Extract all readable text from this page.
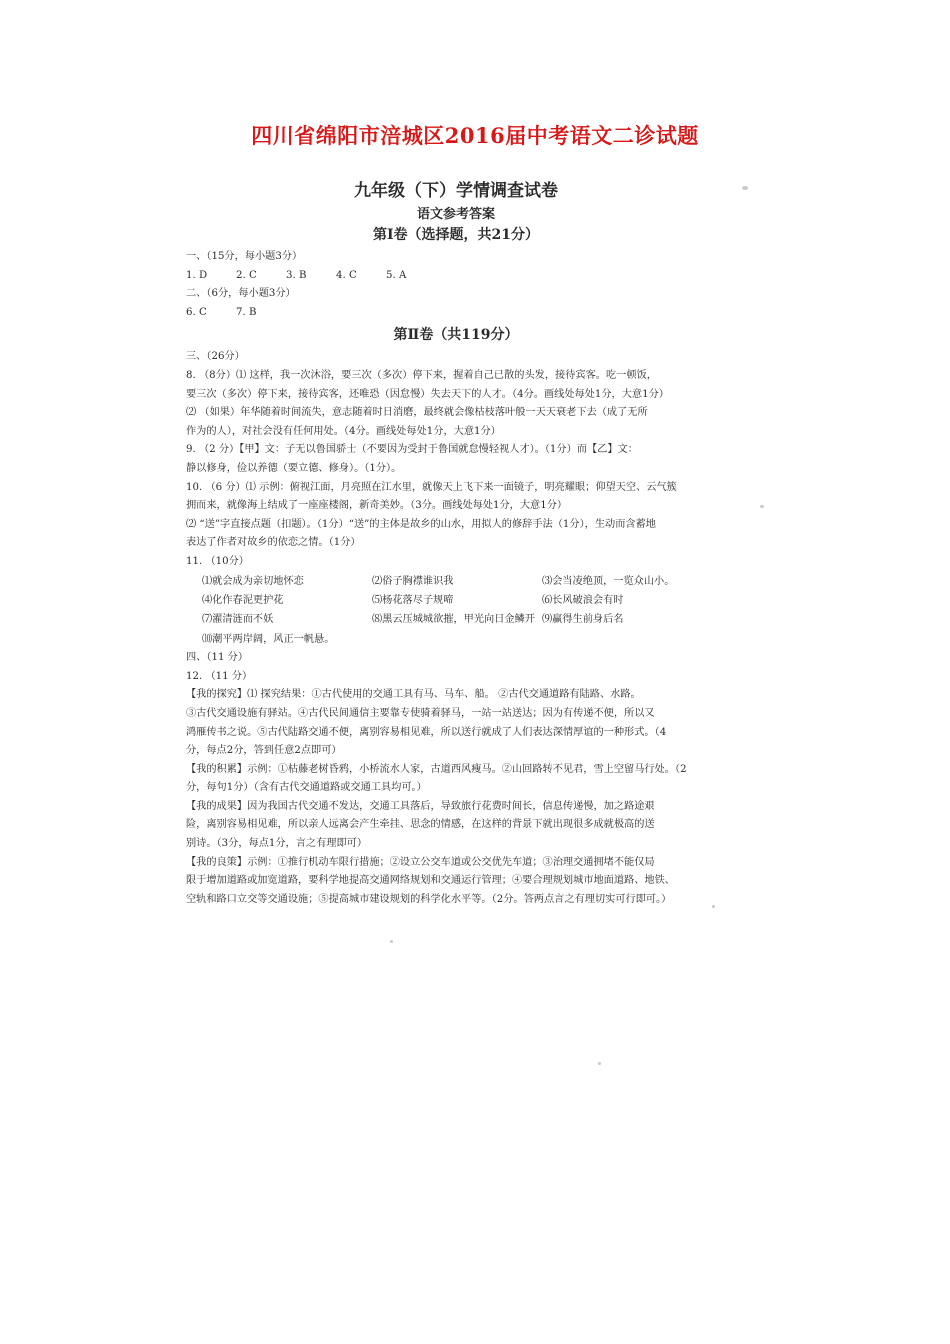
四川省绵阳市涪城区2016届中考语文二诊试题
九年级（下）学情调查试卷
语文参考答案
第Ⅰ卷（选择题，共21分）
一、（15分，每小题3分）
1. D	2. C	3. B	4. C	5. A
二、（6分，每小题3分）
6. C	7. B
第Ⅱ卷（共119分）
三、（26分）
8. （8分）⑴ 这样，我一次沐浴，要三次（多次）停下来，握着自己已散的头发，接待宾客。吃一顿饭，
要三次（多次）停下来，接待宾客，还唯恐（因怠慢）失去天下的人才。（4分。画线处每处1分，大意1分）
⑵ （如果）年华随着时间流失，意志随着时日消磨，最终就会像枯枝落叶般一天天衰老下去（成了无所
作为的人），对社会没有任何用处。（4分。画线处每处1分，大意1分）
9. （2 分）【甲】文：子无以鲁国骄士（不要因为受封于鲁国就怠慢轻视人才）。（1分）而【乙】文：
静以修身，俭以养德（要立德、修身）。（1分）。
10. （6 分）⑴ 示例：俯视江面，月亮照在江水里，就像天上飞下来一面镜子，明亮耀眼；仰望天空、云气簇
拥而来，就像海上结成了一座座楼阁，新奇美妙。（3分。画线处每处1分，大意1分）
⑵ “送”字直接点题（扣题）。（1分）“送”的主体是故乡的山水，用拟人的修辞手法（1分），生动而含蓄地
表达了作者对故乡的依恋之情。（1分）
11. （10分）
⑴就会成为亲切地怀恋	⑵俗子胸襟谁识我	⑶会当凌绝顶，一览众山小。
⑷化作春泥更护花	⑸杨花落尽子规啼	⑹长风破浪会有时
⑺濯清涟而不妖	⑻黑云压城城欲摧，甲光向日金鳞开 ⑼赢得生前身后名
⑽潮平两岸阔，风正一帆悬。
四、（11 分）
12. （11 分）
【我的探究】⑴ 探究结果：①古代使用的交通工具有马、马车、船。 ②古代交通道路有陆路、水路。
③古代交通设施有驿站。④古代民间通信主要靠专使骑着驿马，一站一站送达；因为有传递不便，所以又
鸿雁传书之说。⑤古代陆路交通不便，离别容易相见难，所以送行就成了人们表达深情厚谊的一种形式。（4
分，每点2分，答到任意2点即可）
【我的积累】示例：①枯藤老树昏鸦，小桥流水人家，古道西风瘦马。②山回路转不见君，雪上空留马行处。（2
分，每句1分）（含有古代交通道路或交通工具均可。）
【我的成果】因为我国古代交通不发达，交通工具落后，导致旅行花费时间长，信息传递慢，加之路途艰
险，离别容易相见难，所以亲人远离会产生牵挂、思念的情感，在这样的背景下就出现很多成就极高的送
别诗。（3分，每点1分，言之有理即可）
【我的良策】示例：①推行机动车限行措施；②设立公交车道或公交优先车道；③治理交通拥堵不能仅局
限于增加道路或加宽道路，要科学地提高交通网络规划和交通运行管理；④要合理规划城市地面道路、地铁、
空轨和路口立交等交通设施；⑤提高城市建设规划的科学化水平等。（2分。答两点言之有理切实可行即可。）
